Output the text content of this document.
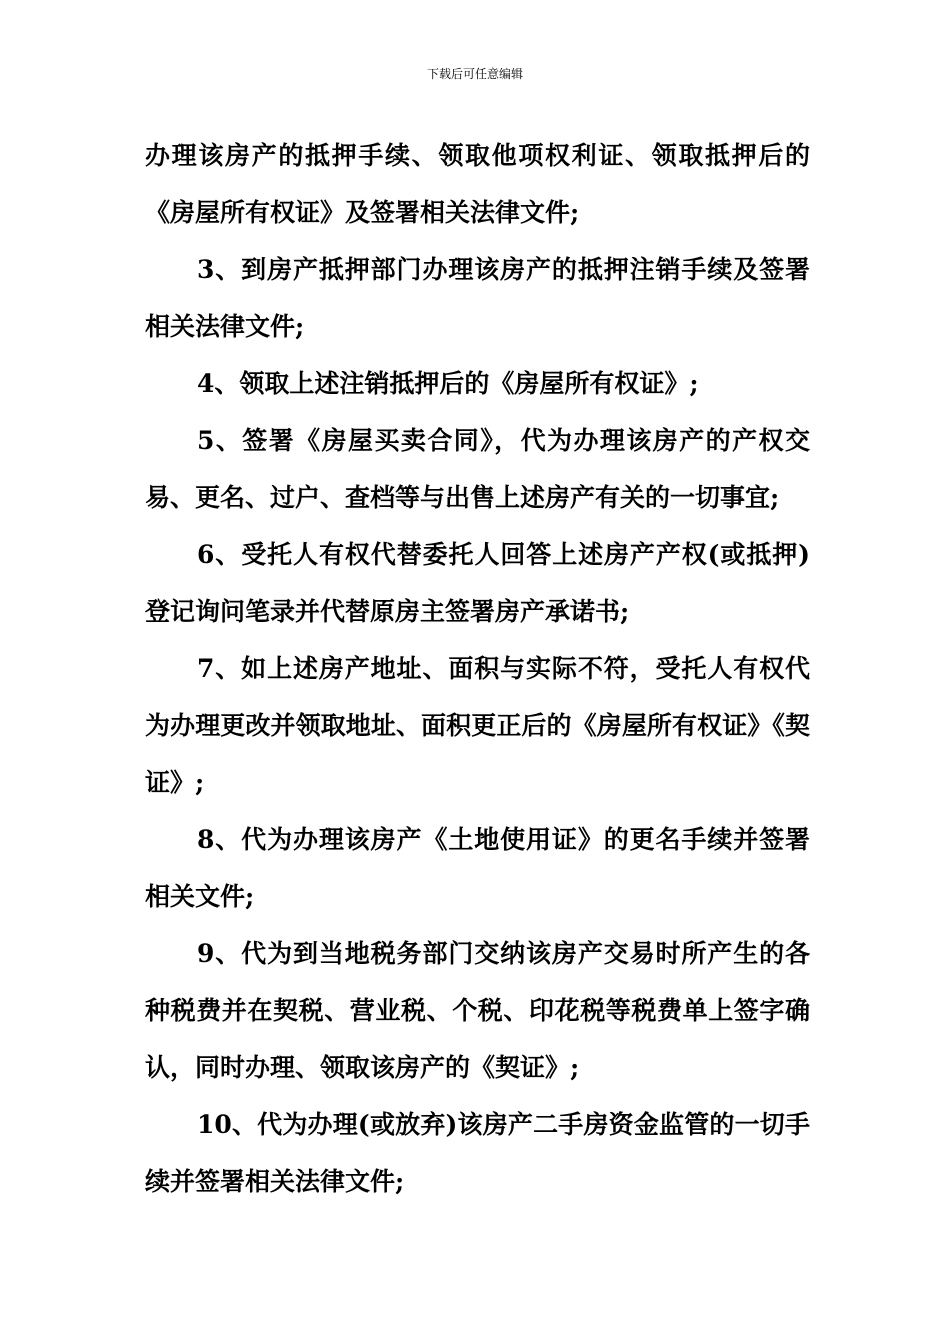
下载后可任意编辑

办理该房产的抵押手续、领取他项权利证、领取抵押后的《房屋所有权证》及签署相关法律文件;

3、到房产抵押部门办理该房产的抵押注销手续及签署相关法律文件;

4、领取上述注销抵押后的《房屋所有权证》;

5、签署《房屋买卖合同》，代为办理该房产的产权交易、更名、过户、查档等与出售上述房产有关的一切事宜;

6、受托人有权代替委托人回答上述房产产权(或抵押)登记询问笔录并代替原房主签署房产承诺书;

7、如上述房产地址、面积与实际不符，受托人有权代为办理更改并领取地址、面积更正后的《房屋所有权证》《契证》;

8、代为办理该房产《土地使用证》的更名手续并签署相关文件;

9、代为到当地税务部门交纳该房产交易时所产生的各种税费并在契税、营业税、个税、印花税等税费单上签字确认，同时办理、领取该房产的《契证》;

10、代为办理(或放弃)该房产二手房资金监管的一切手续并签署相关法律文件;
